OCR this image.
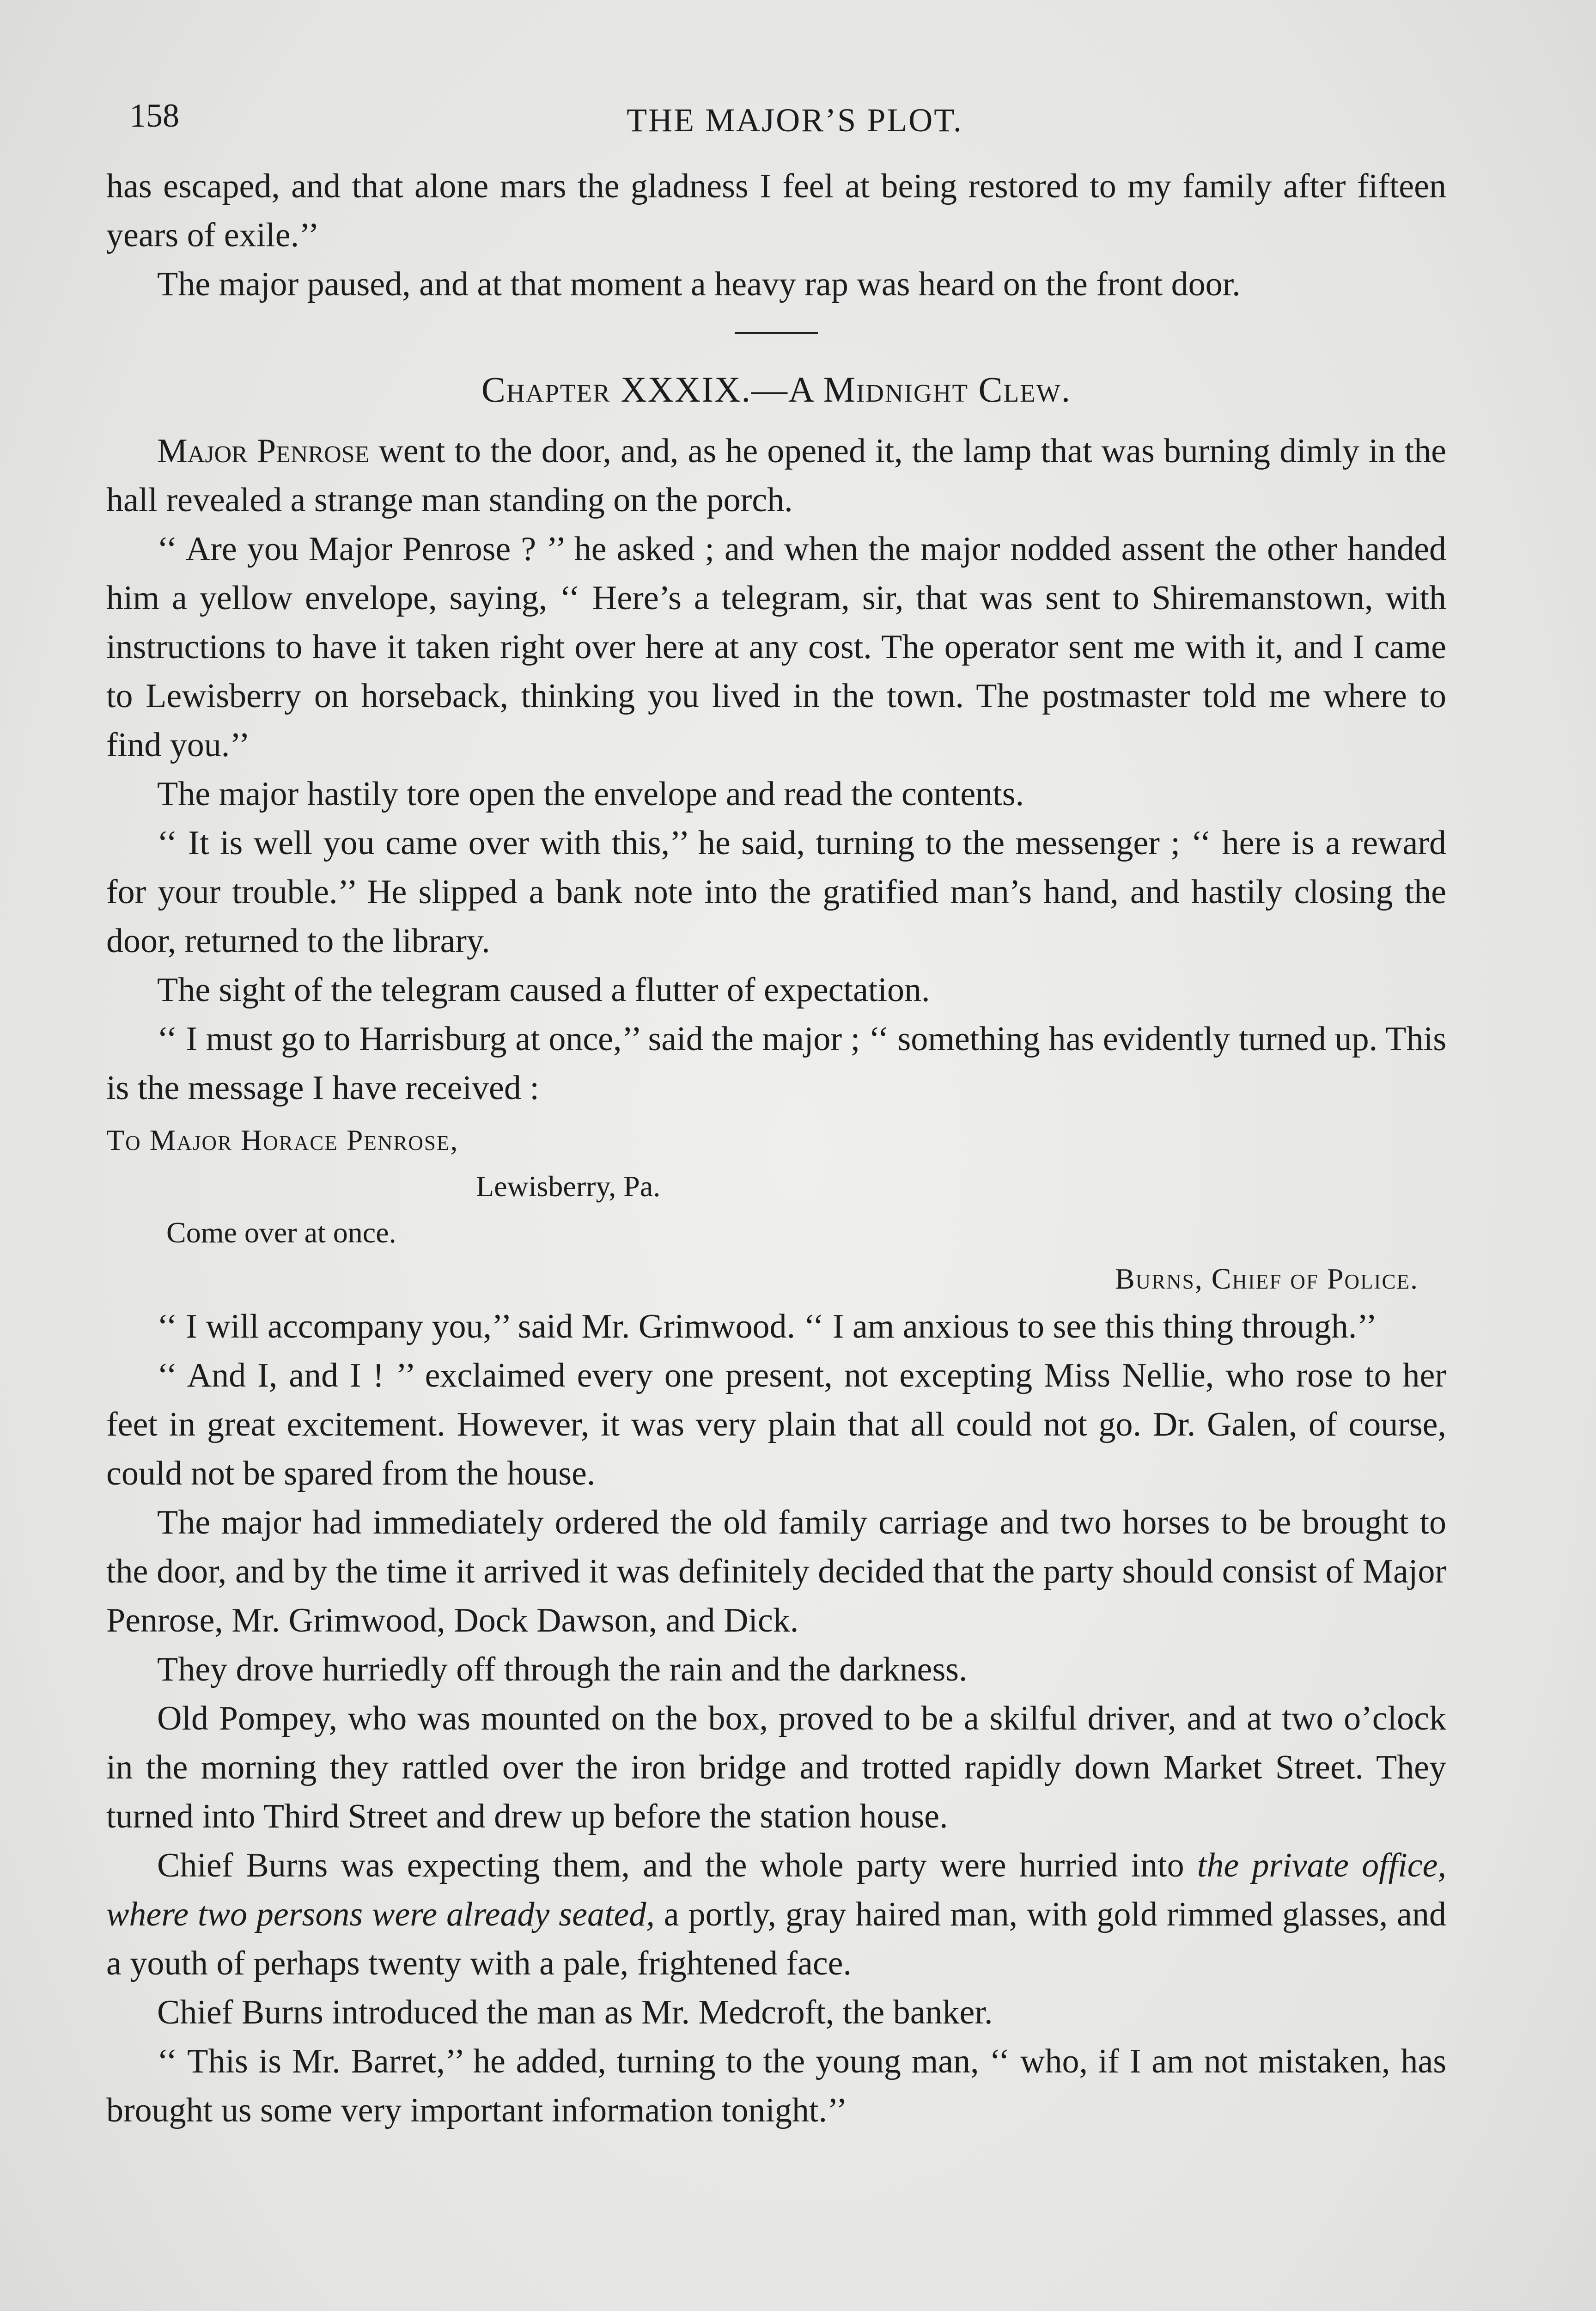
158	THE MAJOR’S PLOT.

has escaped, and that alone mars the gladness I feel at being restored to my family after fifteen years of exile.’’

The major paused, and at that moment a heavy rap was heard on the front door.

Chapter XXXIX.—A Midnight Clew.

Major Penrose went to the door, and, as he opened it, the lamp that was burning dimly in the hall revealed a strange man standing on the porch.

‘‘ Are you Major Penrose ? ’’ he asked ; and when the major nodded assent the other handed him a yellow envelope, saying, ‘‘ Here’s a telegram, sir, that was sent to Shiremanstown, with instructions to have it taken right over here at any cost. The operator sent me with it, and I came to Lewisberry on horseback, thinking you lived in the town. The postmaster told me where to find you.’’

The major hastily tore open the envelope and read the contents.

‘‘ It is well you came over with this,’’ he said, turning to the messenger ; ‘‘ here is a reward for your trouble.’’ He slipped a bank note into the gratified man’s hand, and hastily closing the door, returned to the library.

The sight of the telegram caused a flutter of expectation.

‘‘ I must go to Harrisburg at once,’’ said the major ; ‘‘ something has evidently turned up. This is the message I have received :

To Major Horace Penrose,
Lewisberry, Pa.
Come over at once.
Burns, Chief of Police.

‘‘ I will accompany you,’’ said Mr. Grimwood. ‘‘ I am anxious to see this thing through.’’

‘‘ And I, and I ! ’’ exclaimed every one present, not excepting Miss Nellie, who rose to her feet in great excitement. However, it was very plain that all could not go. Dr. Galen, of course, could not be spared from the house.

The major had immediately ordered the old family carriage and two horses to be brought to the door, and by the time it arrived it was definitely decided that the party should consist of Major Penrose, Mr. Grimwood, Dock Dawson, and Dick.

They drove hurriedly off through the rain and the darkness.

Old Pompey, who was mounted on the box, proved to be a skilful driver, and at two o’clock in the morning they rattled over the iron bridge and trotted rapidly down Market Street. They turned into Third Street and drew up before the station house.

Chief Burns was expecting them, and the whole party were hurried into the private office, where two persons were already seated, a portly, gray haired man, with gold rimmed glasses, and a youth of perhaps twenty with a pale, frightened face.

Chief Burns introduced the man as Mr. Medcroft, the banker.

‘‘ This is Mr. Barret,’’ he added, turning to the young man, ‘‘ who, if I am not mistaken, has brought us some very important information tonight.’’
